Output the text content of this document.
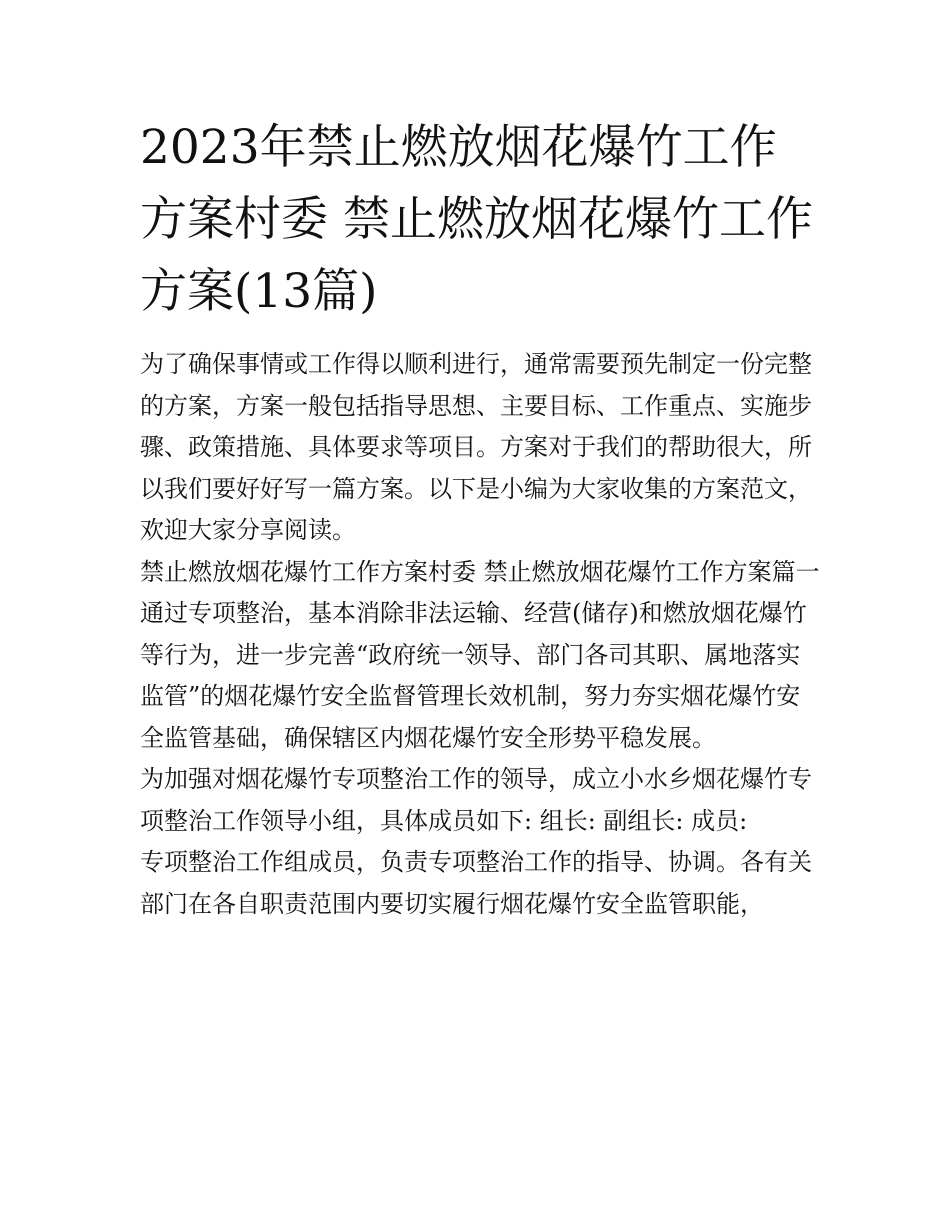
2023年禁止燃放烟花爆竹工作方案村委 禁止燃放烟花爆竹工作方案(13篇)

为了确保事情或工作得以顺利进行，通常需要预先制定一份完整的方案，方案一般包括指导思想、主要目标、工作重点、实施步骤、政策措施、具体要求等项目。方案对于我们的帮助很大，所以我们要好好写一篇方案。以下是小编为大家收集的方案范文，欢迎大家分享阅读。

禁止燃放烟花爆竹工作方案村委 禁止燃放烟花爆竹工作方案篇一

通过专项整治，基本消除非法运输、经营(储存)和燃放烟花爆竹等行为，进一步完善“政府统一领导、部门各司其职、属地落实监管”的烟花爆竹安全监督管理长效机制，努力夯实烟花爆竹安全监管基础，确保辖区内烟花爆竹安全形势平稳发展。

为加强对烟花爆竹专项整治工作的领导，成立小水乡烟花爆竹专项整治工作领导小组，具体成员如下: 组长: 副组长: 成员:

专项整治工作组成员，负责专项整治工作的指导、协调。各有关部门在各自职责范围内要切实履行烟花爆竹安全监管职能，
